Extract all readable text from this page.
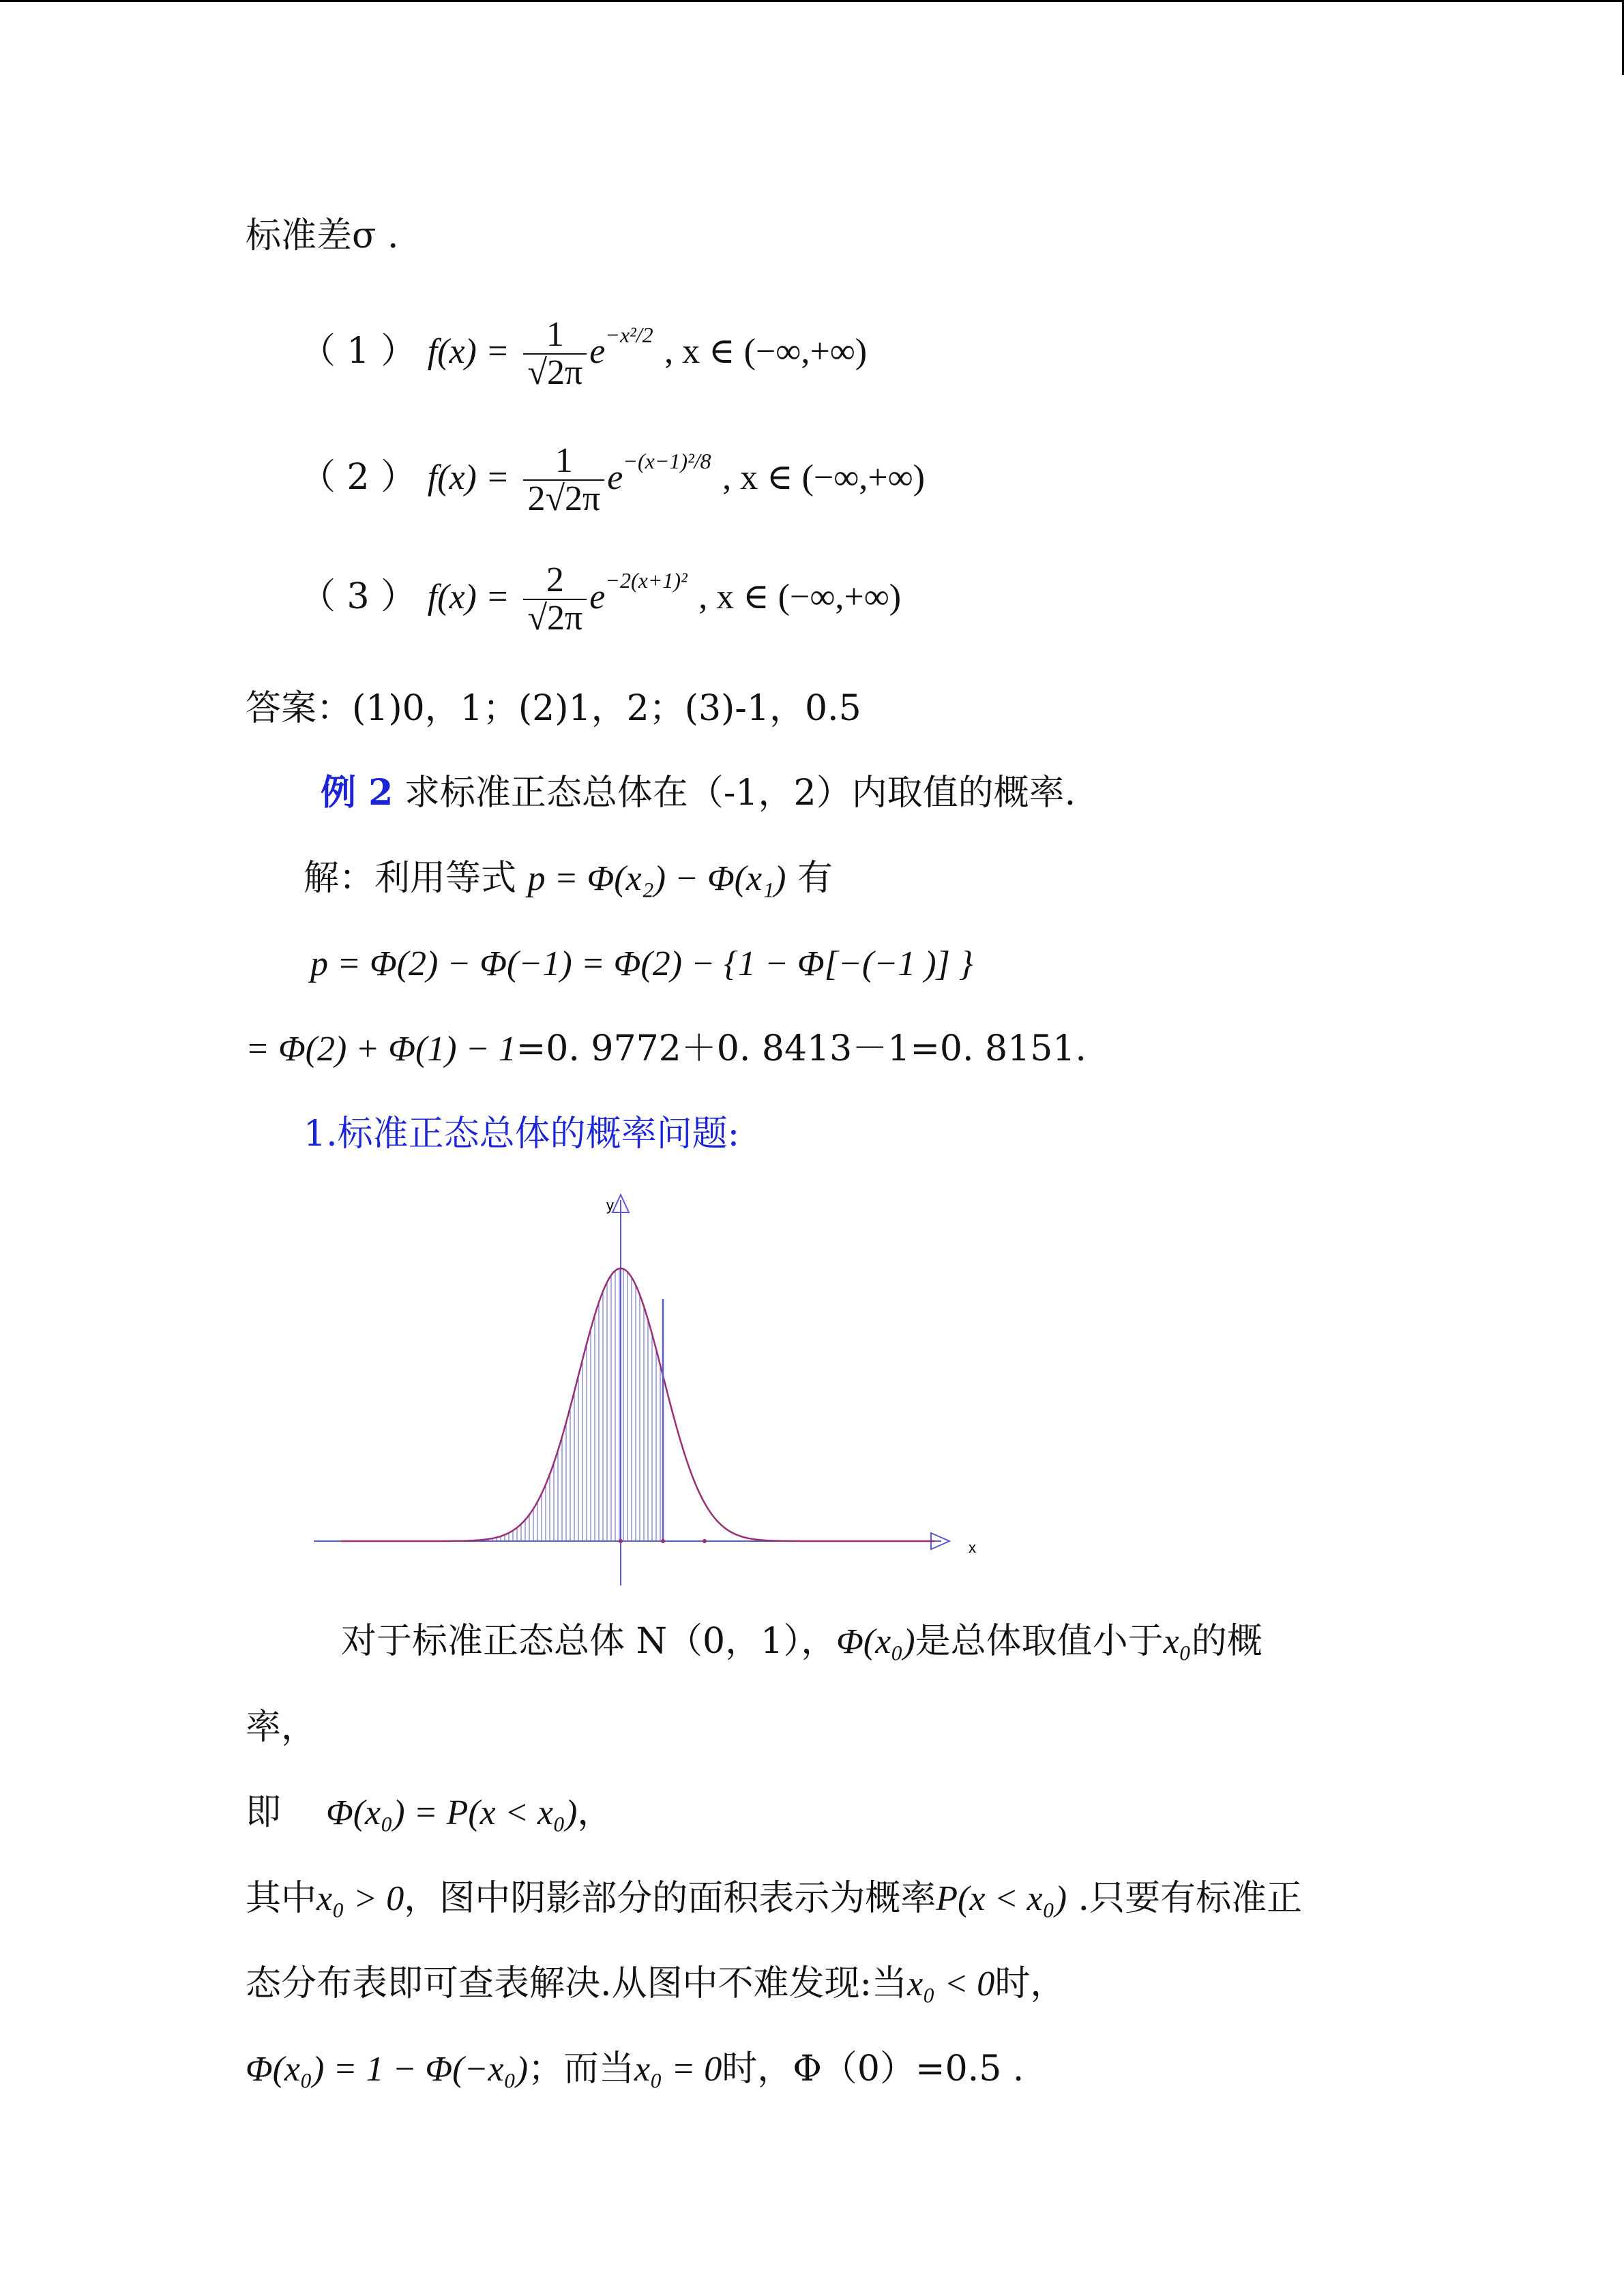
标准差σ .
（ 1 ） $f(x) = \frac{1}{√2\pi} e^{-x^2/2}$ , x ∈ (−∞,+∞)
（ 2 ） $f(x) = \frac{1}{2√2\pi} e^{-(x-1)^2/8}$ , x ∈ (−∞,+∞)
（ 3 ） $f(x) = \frac{2}{√2\pi} e^{-2(x+1)^2}$ , x ∈ (−∞,+∞)
答案：(1)0，1；(2)1，2；(3)-1，0.5
例 2 求标准正态总体在（-1，2）内取值的概率.
解：利用等式 p = Φ(x₂) − Φ(x₁) 有
p = Φ(2) − Φ(−1) = Φ(2) − {1 − Φ[−(−1 )] }
= Φ(2) + Φ(1) − 1=0. 9772＋0. 8413－1=0. 8151.
1.标准正态总体的概率问题:
y
x
对于标准正态总体 N（0，1），Φ(x₀)是总体取值小于x₀的概
率，
即 Φ(x₀) = P(x < x₀)，
其中x₀ > 0，图中阴影部分的面积表示为概率P(x < x₀) .只要有标准正
态分布表即可查表解决.从图中不难发现:当x₀ < 0时，
Φ(x₀) = 1 − Φ(−x₀)；而当x₀ = 0时，Φ（0）=0.5 .
